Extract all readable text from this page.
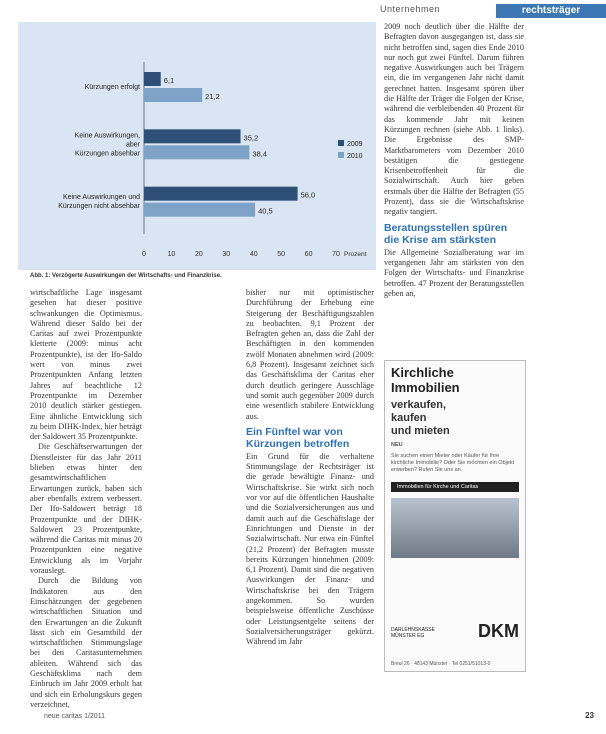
Unternehmen	rechtsträger
0	10	20	30	40	50	60	70 Prozent
6,1
21,2
Kürzungen erfolgt
35,2
38,4
Keine Auswirkungen,
aber
Kürzungen absehbar
56,0
40,5
Keine Auswirkungen und
Kürzungen nicht absehbar
2009
2010
Abb. 1: Verzögerte Auswirkungen der Wirtschafts- und Finanzkrise.

wirtschaftliche Lage insgesamt gesehen hat dieser positive schwankungen die Optimismus. Während dieser Saldo bei der Caritas auf zwei Prozentpunkte kletterte (2009: minus acht Prozentpunkte), ist der Ifo-Saldo wert von minus zwei Prozentpunkten Anfang letzten Jahres auf beachtliche 12 Prozentpunkte im Dezember 2010 deutlich stärker gestiegen. Eine ähnliche Entwicklung sich zu beim DIHK-Index, hier beträgt der Saldowert 35 Prozentpunkte.

Die Geschäftserwartungen der Dienstleister für das Jahr 2011 blieben etwas hinter den gesamtwirtschaftlichen Erwartungen zurück, haben sich aber ebenfalls extrem verbessert. Der Ifo-Saldowert beträgt 18 Prozentpunkte und der DIHK-Saldowert 23 Prozentpunkte, während die Caritas mit minus 20 Prozentpunkten eine negative Entwicklung als im Vorjahr vorauslegt.

Durch die Bildung von Indikatoren aus den Einschätzungen der gegebenen wirtschaftlichen Situation und den Erwartungen an die Zukunft lässt sich ein Gesamtbild der wirtschaftlichen Stimmungslage bei den Caritasunternehmen ableiten. Während sich das Geschäftsklima nach dem Einbruch im Jahr 2009 erholt hat und sich ein Erholungskurs gegen verzeichnet,

bisher nur mit optimistischer Durchführung der Erhebung eine Steigerung der Beschäftigungszahlen zu beobachten. 9,1 Prozent der Befragten gehen an, dass die Zahl der Beschäftigten in den kommenden zwölf Monaten abnehmen wird (2009: 6,8 Prozent). Insgesamt zeichnet sich das Geschäftsklima der Caritas eher durch deutlich geringere Ausschläge und somit auch gegenüber 2009 durch eine wesentlich stabilere Entwicklung aus.

Ein Fünftel war von Kürzungen betroffen

Ein Grund für die verhaltene Stimmungslage der Rechtsträger ist die gerade bewältigte Finanz- und Wirtschaftskrise. Sie wirkt sich noch vor vor auf die öffentlichen Haushalte und die Sozialversicherungen aus und damit auch auf die Geschäftslage der Einrichtungen und Dienste in der Sozialwirtschaft. Nur etwa ein Fünftel (21,2 Prozent) der Befragten musste bereits Kürzungen hinnehmen (2009: 6,1 Prozent). Damit sind die negativen Auswirkungen der Finanz- und Wirtschaftskrise bei den Trägern angekommen. So wurden beispielsweise öffentliche Zuschüsse oder Leistungsentgelte seitens der Sozialversicherungsträger gekürzt. Während im Jahr

2009 noch deutlich über die Hälfte der Befragten davon ausgegangen ist, dass sie nicht betroffen sind, sagen dies Ende 2010 nur noch gut zwei Fünftel. Darum führen negative Auswirkungen auch bei Trägern ein, die im vergangenen Jahr nicht damit gerechnet hatten. Insgesamt spüren über die Hälfte der Träger die Folgen der Krise, während die verbleibenden 40 Prozent für das kommende Jahr mit keinen Kürzungen rechnen (siehe Abb. 1 links). Die Ergebnisse des SMP-Marktbarometers vom Dezember 2010 bestätigen die gestiegene Krisenbetroffenheit für die Sozialwirtschaft. Auch hier geben erstmals über die Hälfte der Befragten (55 Prozent), dass sie die Wirtschaftskrise negativ tangiert.

Beratungsstellen spüren die Krise am stärksten

Die Allgemeine Sozialberatung war im vergangenen Jahr am stärksten von den Folgen der Wirtschafts- und Finanzkrise betroffen. 47 Prozent der Beratungsstellen geben an,

Kirchliche Immobilien
verkaufen,
kaufen
und mieten
NEU
Sie suchen einen Mieter oder Käufer für Ihre kirchliche Immobilie? Oder Sie möchten ein Objekt erwerben? Rufen Sie uns an.
Immobilien für Kirche und Caritas
DARLEHNSKASSE MÜNSTER EG	DKM
Breul 26 · 48143 Münster · Tel 0251/51013-0
neue caritas 1/2011	23
